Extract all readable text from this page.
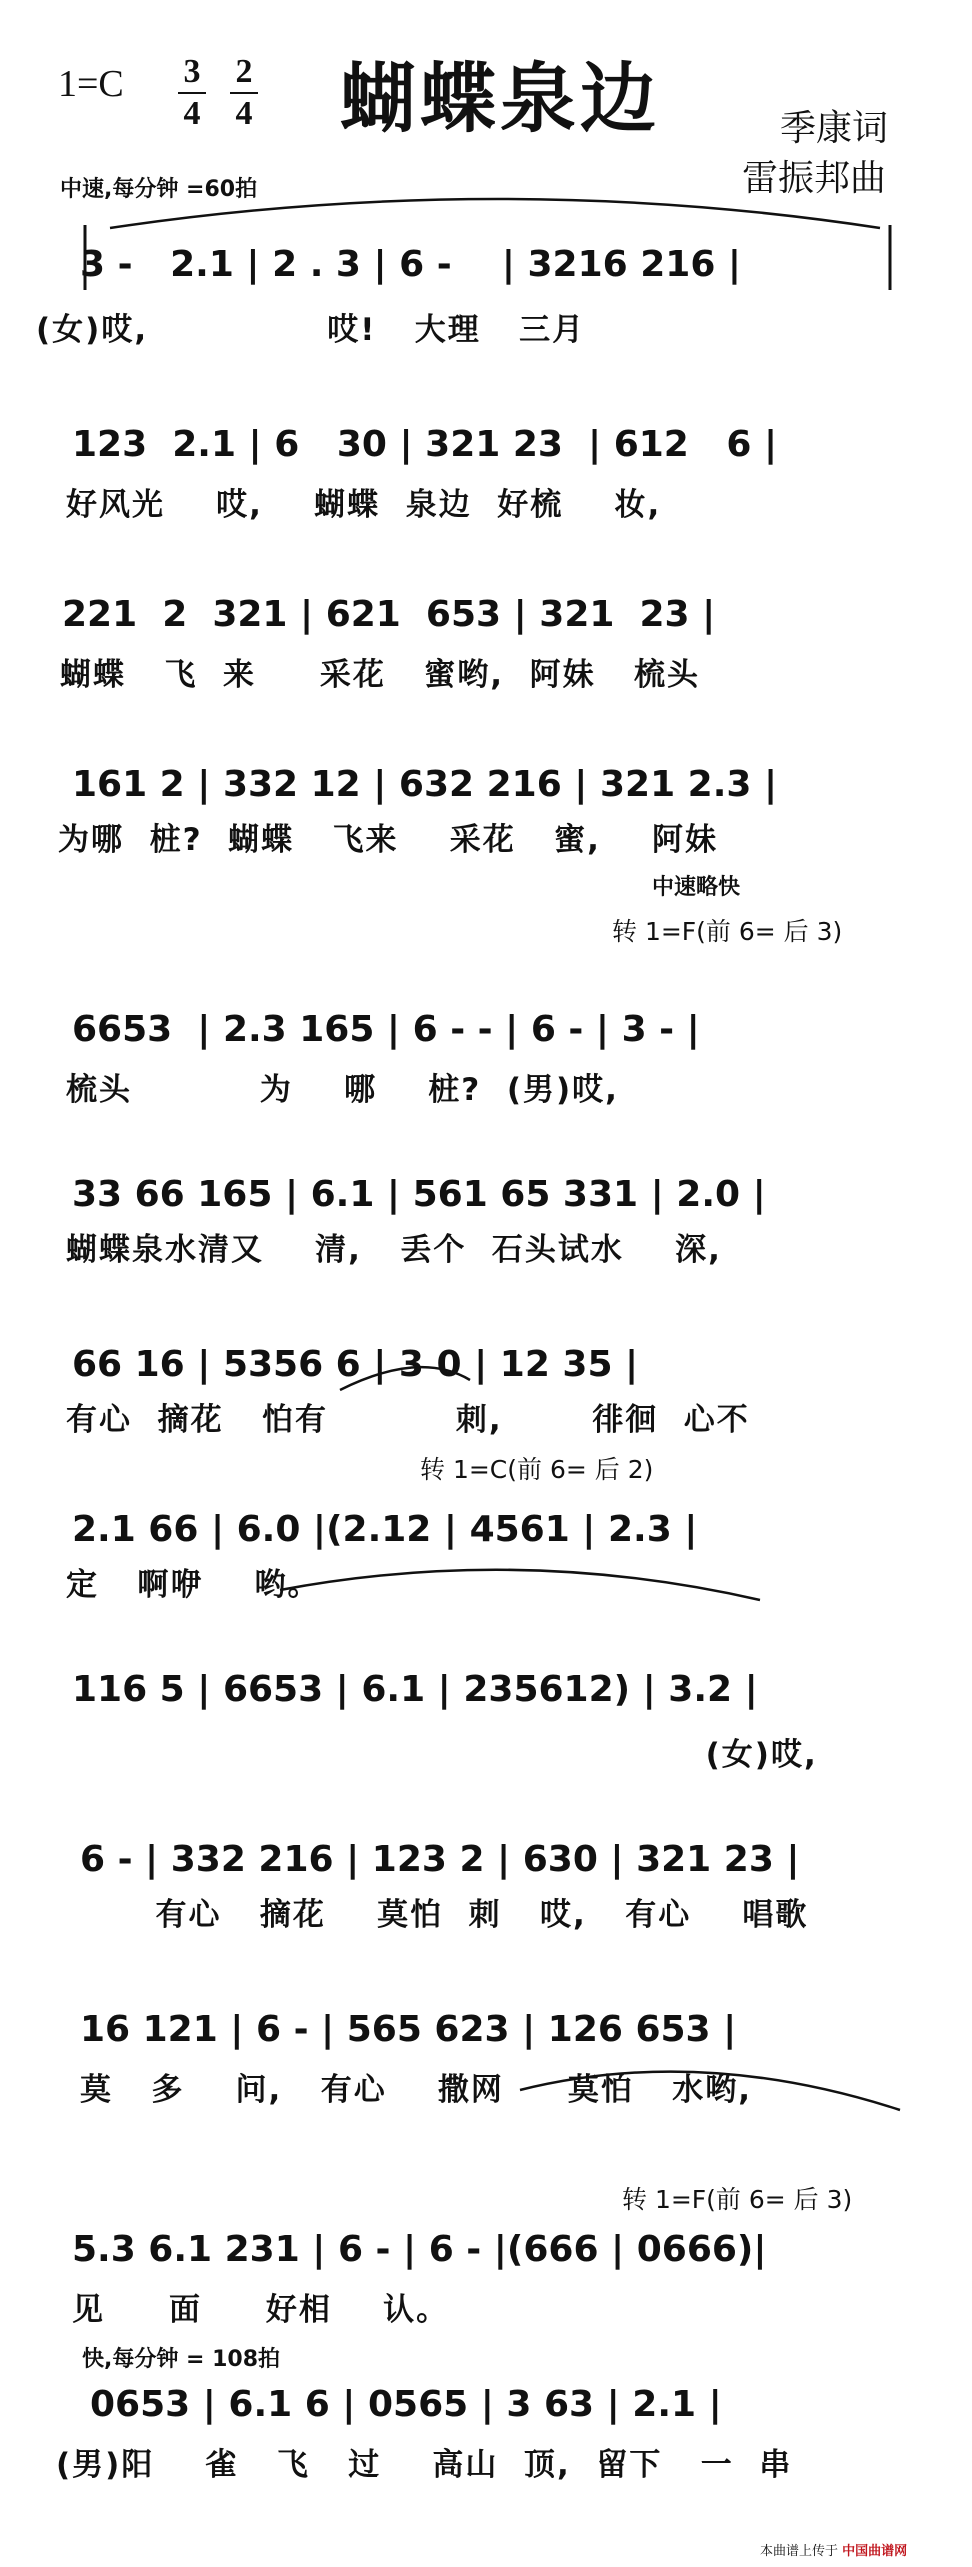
1=C	3
4
2
4 蝴蝶泉边	季康词
雷振邦曲
中速,每分钟 =60拍
中速略快
转 1=F(前 6= 后 3)
转 1=C(前 6= 后 2)
转 1=F(前 6= 后 3)
快,每分钟 = 108拍
3 -   2.1 | 2 . 3 | 6 -    | 3216 216 |
(女)哎,              哎!   大理   三月
123  2.1 | 6   30 | 321 23  | 612   6 |
好风光    哎,    蝴蝶  泉边  好梳    妆,
221  2  321 | 621  653 | 321  23 |
蝴蝶   飞  来     采花   蜜哟,  阿妹   梳头
161 2 | 332 12 | 632 216 | 321 2.3 |
为哪  桩?  蝴蝶   飞来    采花   蜜,    阿妹
6653  | 2.3 165 | 6 - - | 6 - | 3 - |
梳头          为    哪    桩?  (男)哎,
33 66 165 | 6.1 | 561 65 331 | 2.0 |
蝴蝶泉水清又    清,   丢个  石头试水    深,
66 16 | 5356 6 | 3 0 | 12 35 |
有心  摘花   怕有          刺,       徘徊  心不
2.1 66 | 6.0 |(2.12 | 4561 | 2.3 |
定   啊咿    哟。
116 5 | 6653 | 6.1 | 235612) | 3.2 |
(女)哎,
6 - | 332 216 | 123 2 | 630 | 321 23 |
有心   摘花    莫怕  刺   哎,   有心    唱歌
16 121 | 6 - | 565 623 | 126 653 |
莫   多    问,   有心    撒网     莫怕   水哟,
5.3 6.1 231 | 6 - | 6 - |(666 | 0666)|
见     面     好相    认。
0653 | 6.1 6 | 0565 | 3 63 | 2.1 |
(男)阳    雀   飞   过    高山  顶,  留下   一  串
本曲谱上传于 中国曲谱网
